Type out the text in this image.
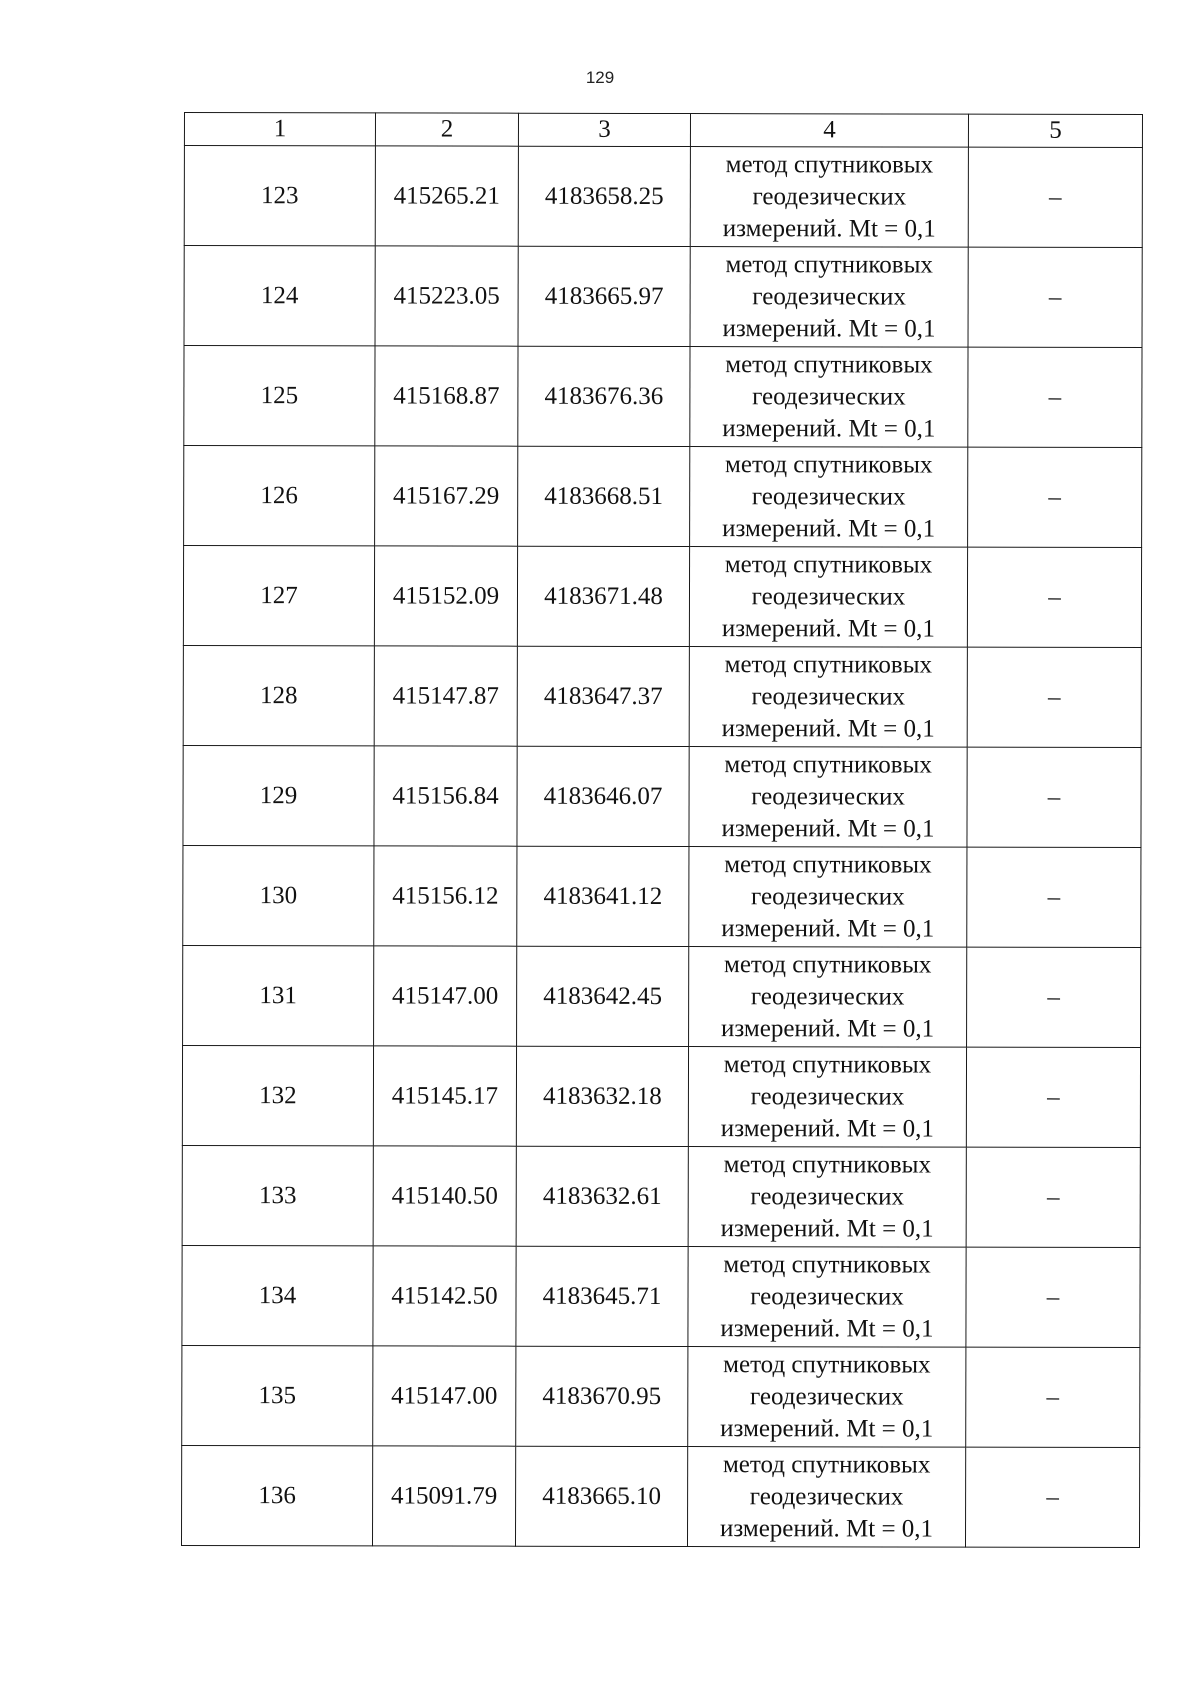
129
1	2	3	4	5
123	415265.21	4183658.25	метод спутниковых
геодезических
измерений. Mt = 0,1	–
124	415223.05	4183665.97	метод спутниковых
геодезических
измерений. Mt = 0,1	–
125	415168.87	4183676.36	метод спутниковых
геодезических
измерений. Mt = 0,1	–
126	415167.29	4183668.51	метод спутниковых
геодезических
измерений. Mt = 0,1	–
127	415152.09	4183671.48	метод спутниковых
геодезических
измерений. Mt = 0,1	–
128	415147.87	4183647.37	метод спутниковых
геодезических
измерений. Mt = 0,1	–
129	415156.84	4183646.07	метод спутниковых
геодезических
измерений. Mt = 0,1	–
130	415156.12	4183641.12	метод спутниковых
геодезических
измерений. Mt = 0,1	–
131	415147.00	4183642.45	метод спутниковых
геодезических
измерений. Mt = 0,1	–
132	415145.17	4183632.18	метод спутниковых
геодезических
измерений. Mt = 0,1	–
133	415140.50	4183632.61	метод спутниковых
геодезических
измерений. Mt = 0,1	–
134	415142.50	4183645.71	метод спутниковых
геодезических
измерений. Mt = 0,1	–
135	415147.00	4183670.95	метод спутниковых
геодезических
измерений. Mt = 0,1	–
136	415091.79	4183665.10	метод спутниковых
геодезических
измерений. Mt = 0,1	–
